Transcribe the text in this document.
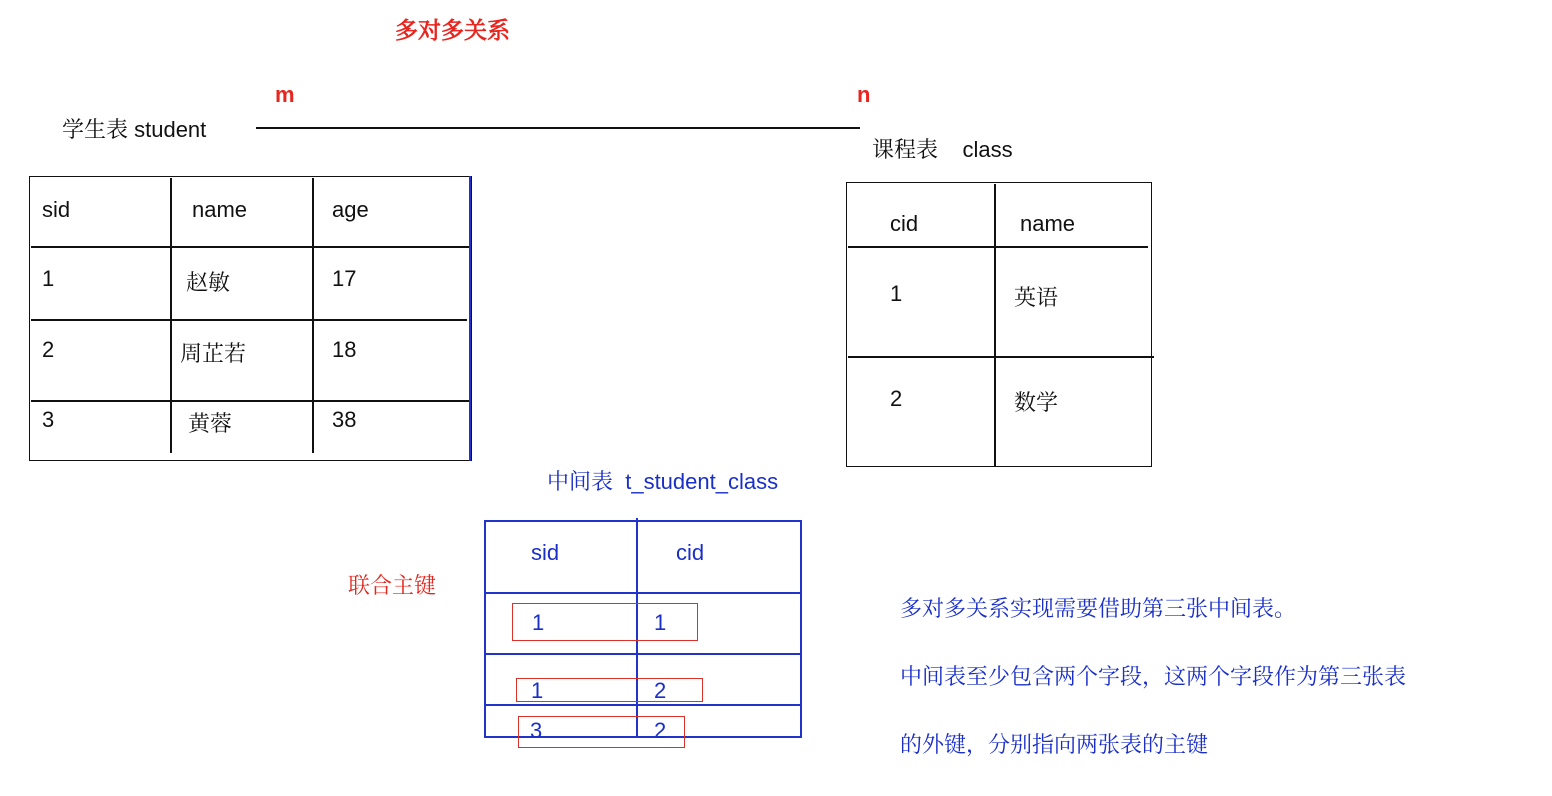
多对多关系
m	n
学生表 student
sid	name	age
1	赵敏	17
2	周芷若	18
3	黄蓉	38
课程表    class
cid	name
1	英语
2	数学
中间表  t_student_class
联合主键
sid	cid
1	1
1	2
3	2

多对多关系实现需要借助第三张中间表。

中间表至少包含两个字段，这两个字段作为第三张表

的外键，分别指向两张表的主键
